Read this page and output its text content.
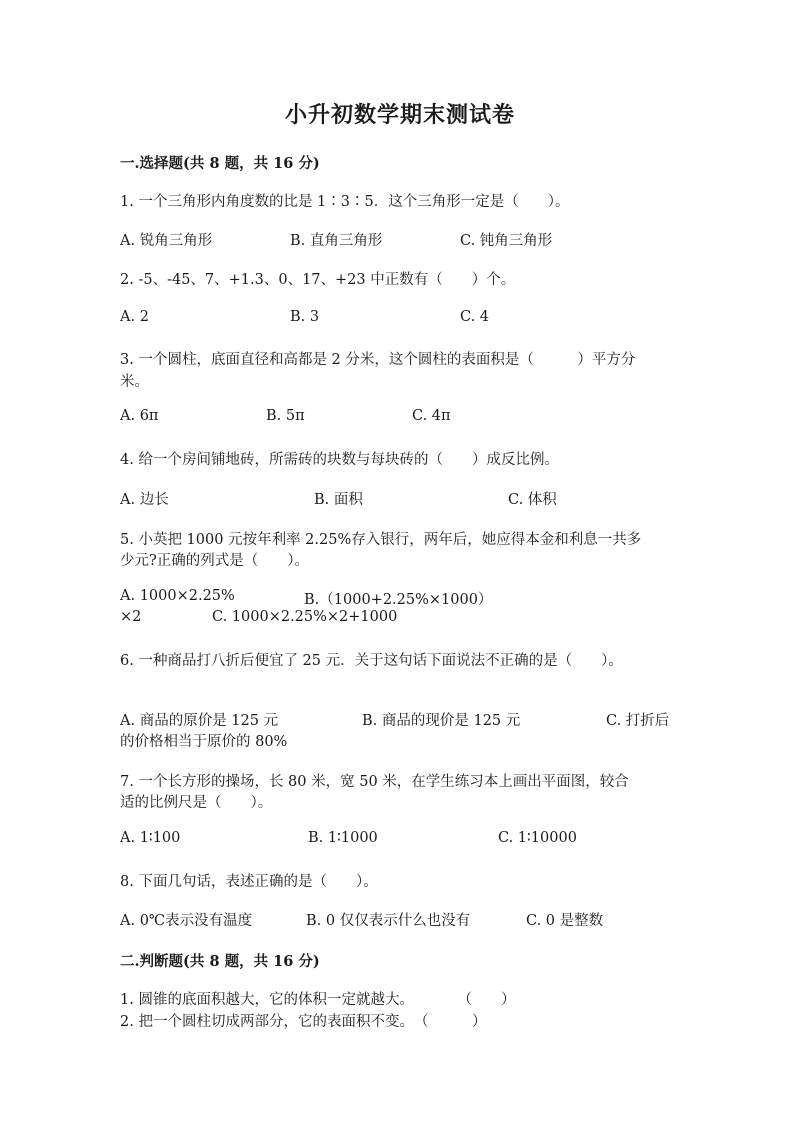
小升初数学期末测试卷
一.选择题(共 8 题，共 16 分)
1. 一个三角形内角度数的比是 1∶3∶5．这个三角形一定是（　　）。
A. 锐角三角形	B. 直角三角形	C. 钝角三角形
2. -5、-45、7、+1.3、0、17、+23 中正数有（　　）个。
A. 2	B. 3	C. 4
3. 一个圆柱，底面直径和高都是 2 分米，这个圆柱的表面积是（　　　）平方分
米。
A. 6π	B. 5π	C. 4π
4. 给一个房间铺地砖，所需砖的块数与每块砖的（　　）成反比例。
A. 边长	B. 面积	C. 体积
5. 小英把 1000 元按年利率 2.25%存入银行，两年后，她应得本金和利息一共多
少元?正确的列式是（　　）。
A. 1000×2.25%	B.（1000+2.25%×1000）
×2	C. 1000×2.25%×2+1000
6. 一种商品打八折后便宜了 25 元．关于这句话下面说法不正确的是（　　）。
A. 商品的原价是 125 元	B. 商品的现价是 125 元	C. 打折后
的价格相当于原价的 80%
7. 一个长方形的操场，长 80 米，宽 50 米，在学生练习本上画出平面图，较合
适的比例尺是（　　）。
A. 1∶100	B. 1∶1000	C. 1∶10000
8. 下面几句话，表述正确的是（　　）。
A. 0℃表示没有温度	B. 0 仅仅表示什么也没有	C. 0 是整数
二.判断题(共 8 题，共 16 分)
1. 圆锥的底面积越大，它的体积一定就越大。　　　　（　　）
2. 把一个圆柱切成两部分，它的表面积不变。　（　　　）
